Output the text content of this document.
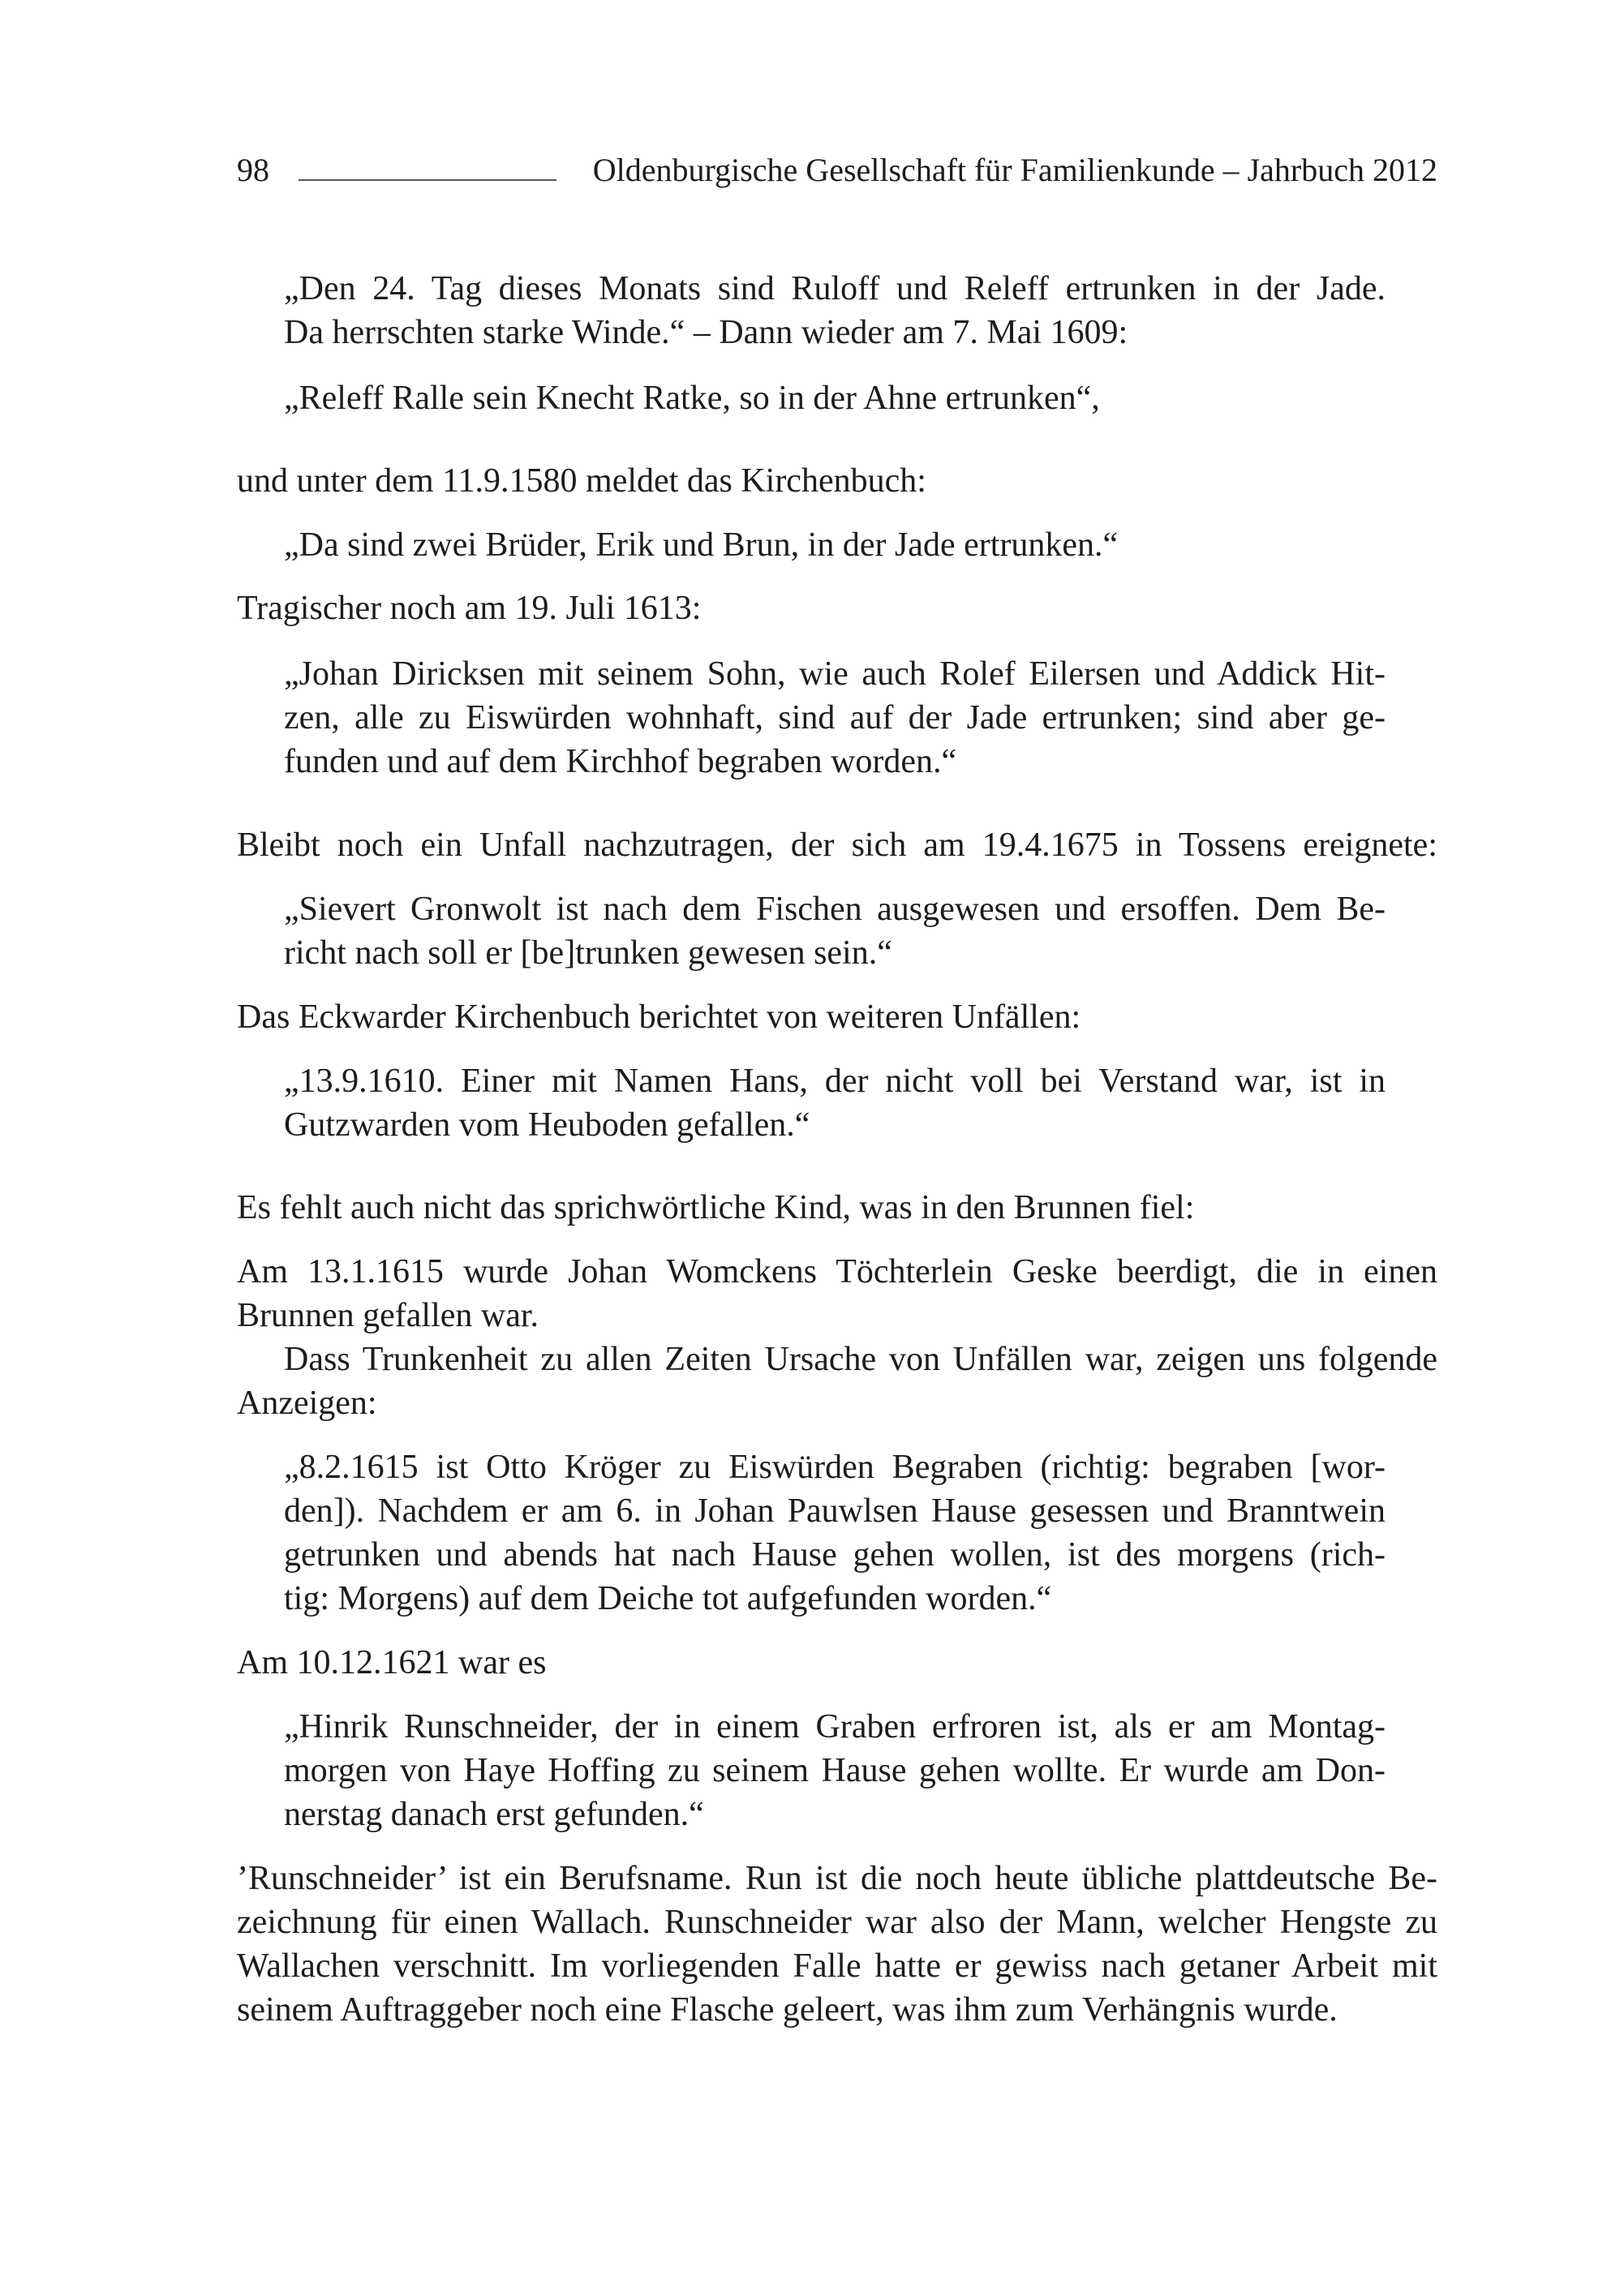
98	Oldenburgische Gesellschaft für Familienkunde – Jahrbuch 2012
„Den 24. Tag dieses Monats sind Ruloff und Releff ertrunken in der Jade.
Da herrschten starke Winde.“ – Dann wieder am 7. Mai 1609:
„Releff Ralle sein Knecht Ratke, so in der Ahne ertrunken“,
und unter dem 11.9.1580 meldet das Kirchenbuch:
„Da sind zwei Brüder, Erik und Brun, in der Jade ertrunken.“
Tragischer noch am 19. Juli 1613:
„Johan Diricksen mit seinem Sohn, wie auch Rolef Eilersen und Addick Hit-
zen, alle zu Eiswürden wohnhaft, sind auf der Jade ertrunken; sind aber ge-
funden und auf dem Kirchhof begraben worden.“
Bleibt noch ein Unfall nachzutragen, der sich am 19.4.1675 in Tossens ereignete:
„Sievert Gronwolt ist nach dem Fischen ausgewesen und ersoffen. Dem Be-
richt nach soll er [be]trunken gewesen sein.“
Das Eckwarder Kirchenbuch berichtet von weiteren Unfällen:
„13.9.1610. Einer mit Namen Hans, der nicht voll bei Verstand war, ist in
Gutzwarden vom Heuboden gefallen.“
Es fehlt auch nicht das sprichwörtliche Kind, was in den Brunnen fiel:
Am 13.1.1615 wurde Johan Womckens Töchterlein Geske beerdigt, die in einen
Brunnen gefallen war.
Dass Trunkenheit zu allen Zeiten Ursache von Unfällen war, zeigen uns folgende
Anzeigen:
„8.2.1615 ist Otto Kröger zu Eiswürden Begraben (richtig: begraben [wor-
den]). Nachdem er am 6. in Johan Pauwlsen Hause gesessen und Branntwein
getrunken und abends hat nach Hause gehen wollen, ist des morgens (rich-
tig: Morgens) auf dem Deiche tot aufgefunden worden.“
Am 10.12.1621 war es
„Hinrik Runschneider, der in einem Graben erfroren ist, als er am Montag-
morgen von Haye Hoffing zu seinem Hause gehen wollte. Er wurde am Don-
nerstag danach erst gefunden.“
’Runschneider’ ist ein Berufsname. Run ist die noch heute übliche plattdeutsche Be-
zeichnung für einen Wallach. Runschneider war also der Mann, welcher Hengste zu
Wallachen verschnitt. Im vorliegenden Falle hatte er gewiss nach getaner Arbeit mit
seinem Auftraggeber noch eine Flasche geleert, was ihm zum Verhängnis wurde.
